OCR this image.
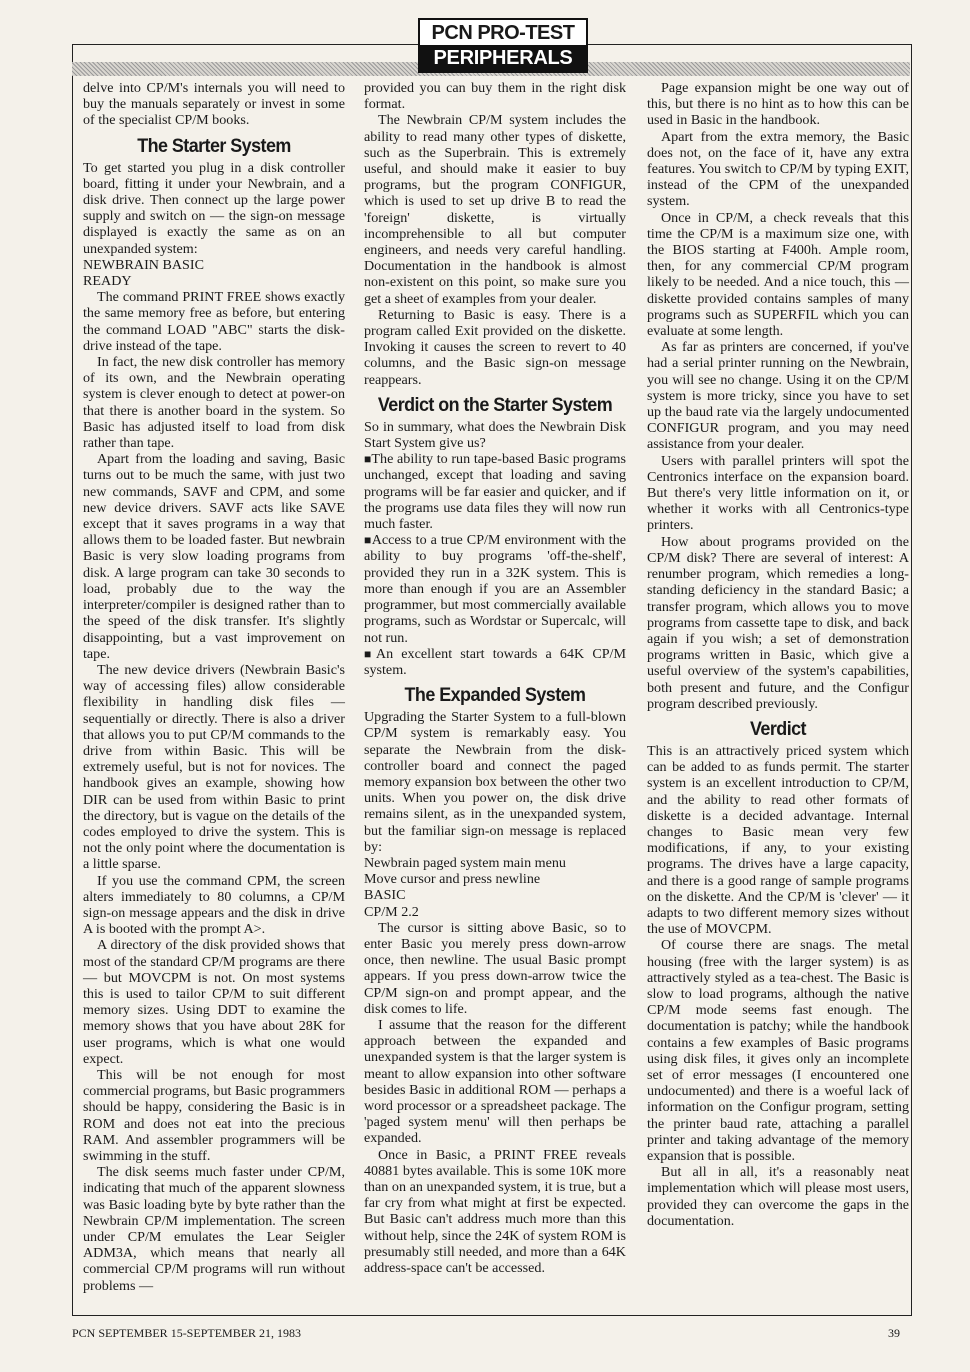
PCN PRO-TEST
PERIPHERALS

delve into CP/M's internals you will need to buy the manuals separately or invest in some of the specialist CP/M books.

The Starter System

To get started you plug in a disk controller board, fitting it under your Newbrain, and a disk drive. Then connect up the large power supply and switch on — the sign-on message displayed is exactly the same as on an unexpanded system:

NEWBRAIN BASIC

READY

The command PRINT FREE shows exactly the same memory free as before, but entering the command LOAD "ABC" starts the disk-drive instead of the tape.

In fact, the new disk controller has memory of its own, and the Newbrain operating system is clever enough to detect at power-on that there is another board in the system. So Basic has adjusted itself to load from disk rather than tape.

Apart from the loading and saving, Basic turns out to be much the same, with just two new commands, SAVF and CPM, and some new device drivers. SAVF acts like SAVE except that it saves programs in a way that allows them to be loaded faster. But newbrain Basic is very slow loading programs from disk. A large program can take 30 seconds to load, probably due to the way the interpreter/compiler is designed rather than to the speed of the disk transfer. It's slightly disappointing, but a vast improvement on tape.

The new device drivers (Newbrain Basic's way of accessing files) allow considerable flexibility in handling disk files — sequentially or directly. There is also a driver that allows you to put CP/M commands to the drive from within Basic. This will be extremely useful, but is not for novices. The handbook gives an example, showing how DIR can be used from within Basic to print the directory, but is vague on the details of the codes employed to drive the system. This is not the only point where the documentation is a little sparse.

If you use the command CPM, the screen alters immediately to 80 columns, a CP/M sign-on message appears and the disk in drive A is booted with the prompt A>.

A directory of the disk provided shows that most of the standard CP/M programs are there — but MOVCPM is not. On most systems this is used to tailor CP/M to suit different memory sizes. Using DDT to examine the memory shows that you have about 28K for user programs, which is what one would expect.

This will be not enough for most commercial programs, but Basic programmers should be happy, considering the Basic is in ROM and does not eat into the precious RAM. And assembler programmers will be swimming in the stuff.

The disk seems much faster under CP/M, indicating that much of the apparent slowness was Basic loading byte by byte rather than the Newbrain CP/M implementation. The screen under CP/M emulates the Lear Seigler ADM3A, which means that nearly all commercial CP/M programs will run without problems —

provided you can buy them in the right disk format.

The Newbrain CP/M system includes the ability to read many other types of diskette, such as the Superbrain. This is extremely useful, and should make it easier to buy programs, but the program CONFIGUR, which is used to set up drive B to read the 'foreign' diskette, is virtually incomprehensible to all but computer engineers, and needs very careful handling. Documentation in the handbook is almost non-existent on this point, so make sure you get a sheet of examples from your dealer.

Returning to Basic is easy. There is a program called Exit provided on the diskette. Invoking it causes the screen to revert to 40 columns, and the Basic sign-on message reappears.

Verdict on the Starter System

So in summary, what does the Newbrain Disk Start System give us?

■ The ability to run tape-based Basic programs unchanged, except that loading and saving programs will be far easier and quicker, and if the programs use data files they will now run much faster.

■ Access to a true CP/M environment with the ability to buy programs 'off-the-shelf', provided they run in a 32K system. This is more than enough if you are an Assembler programmer, but most commercially available programs, such as Wordstar or Supercalc, will not run.

■ An excellent start towards a 64K CP/M system.

The Expanded System

Upgrading the Starter System to a full-blown CP/M system is remarkably easy. You separate the Newbrain from the disk-controller board and connect the paged memory expansion box between the other two units. When you power on, the disk drive remains silent, as in the unexpanded system, but the familiar sign-on message is replaced by:

Newbrain paged system main menu

Move cursor and press newline

BASIC

CP/M 2.2

The cursor is sitting above Basic, so to enter Basic you merely press down-arrow once, then newline. The usual Basic prompt appears. If you press down-arrow twice the CP/M sign-on and prompt appear, and the disk comes to life.

I assume that the reason for the different approach between the expanded and unexpanded system is that the larger system is meant to allow expansion into other software besides Basic in additional ROM — perhaps a word processor or a spreadsheet package. The 'paged system menu' will then perhaps be expanded.

Once in Basic, a PRINT FREE reveals 40881 bytes available. This is some 10K more than on an unexpanded system, it is true, but a far cry from what might at first be expected. But Basic can't address much more than this without help, since the 24K of system ROM is presumably still needed, and more than a 64K address-space can't be accessed.

Page expansion might be one way out of this, but there is no hint as to how this can be used in Basic in the handbook.

Apart from the extra memory, the Basic does not, on the face of it, have any extra features. You switch to CP/M by typing EXIT, instead of the CPM of the unexpanded system.

Once in CP/M, a check reveals that this time the CP/M is a maximum size one, with the BIOS starting at F400h. Ample room, then, for any commercial CP/M program likely to be needed. And a nice touch, this — diskette provided contains samples of many programs such as SUPERFIL which you can evaluate at some length.

As far as printers are concerned, if you've had a serial printer running on the Newbrain, you will see no change. Using it on the CP/M system is more tricky, since you have to set up the baud rate via the largely undocumented CONFIGUR program, and you may need assistance from your dealer.

Users with parallel printers will spot the Centronics interface on the expansion board. But there's very little information on it, or whether it works with all Centronics-type printers.

How about programs provided on the CP/M disk? There are several of interest: A renumber program, which remedies a long-standing deficiency in the standard Basic; a transfer program, which allows you to move programs from cassette tape to disk, and back again if you wish; a set of demonstration programs written in Basic, which give a useful overview of the system's capabilities, both present and future, and the Configur program described previously.

Verdict

This is an attractively priced system which can be added to as funds permit. The starter system is an excellent introduction to CP/M, and the ability to read other formats of diskette is a decided advantage. Internal changes to Basic mean very few modifications, if any, to your existing programs. The drives have a large capacity, and there is a good range of sample programs on the diskette. And the CP/M is 'clever' — it adapts to two different memory sizes without the use of MOVCPM.

Of course there are snags. The metal housing (free with the larger system) is as attractively styled as a tea-chest. The Basic is slow to load programs, although the native CP/M mode seems fast enough. The documentation is patchy; while the handbook contains a few examples of Basic programs using disk files, it gives only an incomplete set of error messages (I encountered one undocumented) and there is a woeful lack of information on the Configur program, setting the printer baud rate, attaching a parallel printer and taking advantage of the memory expansion that is possible.

But all in all, it's a reasonably neat implementation which will please most users, provided they can overcome the gaps in the documentation.

PCN SEPTEMBER 15-SEPTEMBER 21, 1983	39
